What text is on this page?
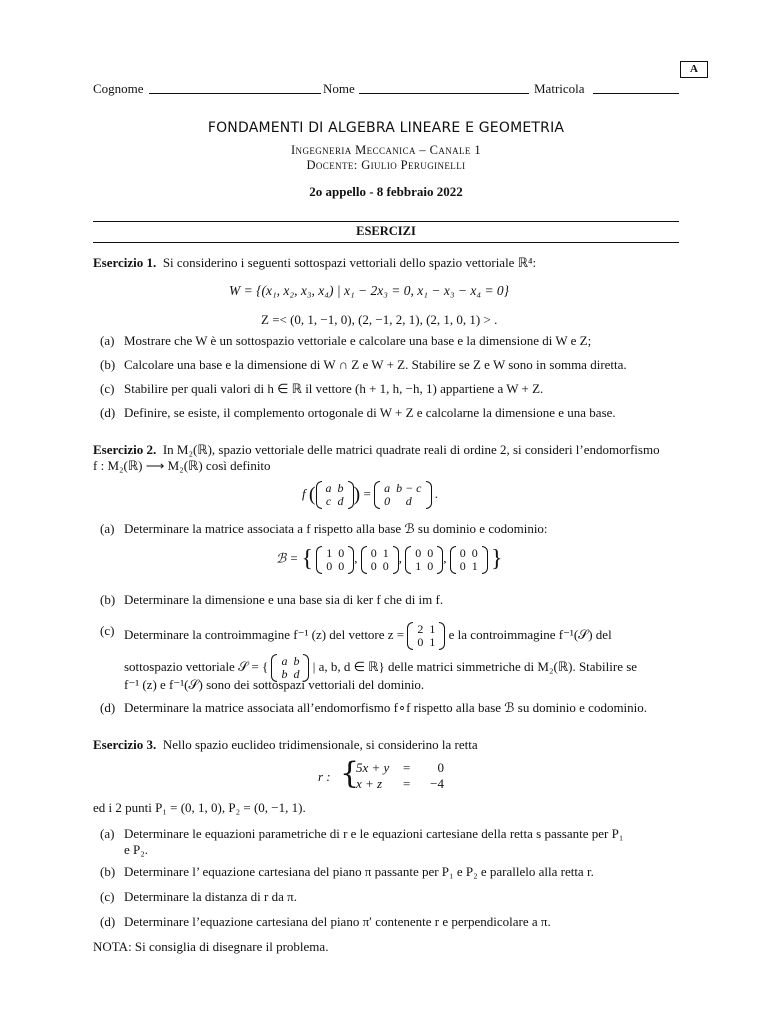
A
Cognome	Nome	Matricola
FONDAMENTI DI ALGEBRA LINEARE E GEOMETRIA
Ingegneria Meccanica – Canale 1
Docente: Giulio Peruginelli
2o appello - 8 febbraio 2022
ESERCIZI
Esercizio 1. Si considerino i seguenti sottospazi vettoriali dello spazio vettoriale ℝ⁴:
W = {(x₁, x₂, x₃, x₄) | x₁ − 2x₃ = 0, x₁ − x₃ − x₄ = 0}
Z =< (0, 1, −1, 0), (2, −1, 2, 1), (2, 1, 0, 1) > .
(a) Mostrare che W è un sottospazio vettoriale e calcolare una base e la dimensione di W e Z;
(b) Calcolare una base e la dimensione di W ∩ Z e W + Z. Stabilire se Z e W sono in somma diretta.
(c) Stabilire per quali valori di h ∈ ℝ il vettore (h + 1, h, −h, 1) appartiene a W + Z.
(d) Definire, se esiste, il complemento ortogonale di W + Z e calcolarne la dimensione e una base.
Esercizio 2. In M₂(ℝ), spazio vettoriale delle matrici quadrate reali di ordine 2, si consideri l’endomorfismo
f : M₂(ℝ) ⟶ M₂(ℝ) così definito
f ( a	b
c	d ) = a	b − c
0	d
.
(a) Determinare la matrice associata a f rispetto alla base ℬ su dominio e codominio:
ℬ = { 1	0
0	0
, 0	1
0	0
, 0	0
1	0
, 0	0
0	1 }
(b) Determinare la dimensione e una base sia di ker f che di im f.
(c) Determinare la controimmagine f⁻¹ (z) del vettore z = 2	1
0	1
e la controimmagine f⁻¹(𝒮) del
sottospazio vettoriale 𝒮 = { a	b
b	d
| a, b, d ∈ ℝ} delle matrici simmetriche di M₂(ℝ). Stabilire se
f⁻¹ (z) e f⁻¹(𝒮) sono dei sottospazi vettoriali del dominio.
(d) Determinare la matrice associata all’endomorfismo f∘f rispetto alla base ℬ su dominio e codominio.
Esercizio 3. Nello spazio euclideo tridimensionale, si considerino la retta
r : {
5x + y = 0
x + z =	−4
ed i 2 punti P₁ = (0, 1, 0), P₂ = (0, −1, 1).
(a) Determinare le equazioni parametriche di r e le equazioni cartesiane della retta s passante per P₁
e P₂.
(b) Determinare l’ equazione cartesiana del piano π passante per P₁ e P₂ e parallelo alla retta r.
(c) Determinare la distanza di r da π.
(d) Determinare l’equazione cartesiana del piano π′ contenente r e perpendicolare a π.
NOTA: Si consiglia di disegnare il problema.
